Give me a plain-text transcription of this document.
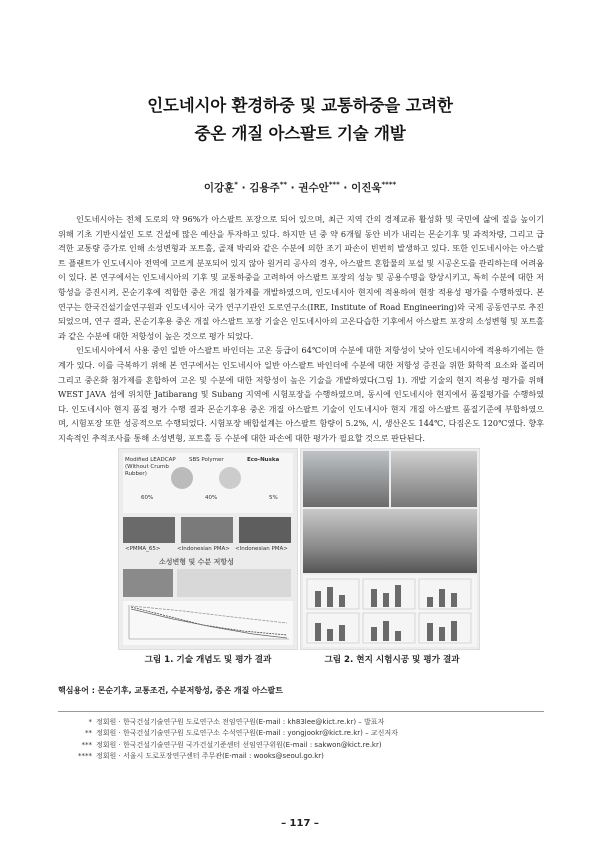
인도네시아 환경하중 및 교통하중을 고려한
중온 개질 아스팔트 기술 개발
이강훈* · 김용주** · 권수안*** · 이진욱****

인도네시아는 전체 도로의 약 96%가 아스팔트 포장으로 되어 있으며, 최근 지역 간의 경제교류 활성화 및 국민에 삶에 질을 높이기 위해 기초 기반시설인 도로 건설에 많은 예산을 투자하고 있다. 하지만 년 중 약 6개월 동안 비가 내리는 몬순기후 및 과적차량, 그리고 급격한 교통량 증가로 인해 소성변형과 포트홀, 골재 박리와 같은 수분에 의한 조기 파손이 빈번히 발생하고 있다. 또한 인도네시아는 아스팔트 플랜트가 인도네시아 전역에 고르게 분포되어 있지 않아 원거리 공사의 경우, 아스팔트 혼합물의 포설 및 시공온도를 관리하는데 어려움이 있다. 본 연구에서는 인도네시아의 기후 및 교통하중을 고려하여 아스팔트 포장의 성능 및 공용수명을 향상시키고, 특히 수분에 대한 저항성을 증진시켜, 몬순기후에 적합한 중온 개질 첨가제를 개발하였으며, 인도네시아 현지에 적용하여 현장 적용성 평가를 수행하였다. 본 연구는 한국건설기술연구원과 인도네시아 국가 연구기관인 도로연구소(IRE, Institute of Road Engineering)와 국제 공동연구로 추진되었으며, 연구 결과, 몬순기후용 중온 개질 아스팔트 포장 기술은 인도네시아의 고온다습한 기후에서 아스팔트 포장의 소성변형 및 포트홀과 같은 수분에 대한 저항성이 높은 것으로 평가 되었다.

인도네시아에서 사용 중인 일반 아스팔트 바인더는 고온 등급이 64℃이며 수분에 대한 저항성이 낮아 인도네시아에 적용하기에는 한계가 있다. 이를 극복하기 위해 본 연구에서는 인도네시아 일반 아스팔트 바인더에 수분에 대한 저항성 증진을 위한 화학적 요소와 폴리머 그리고 중온화 첨가제를 혼합하여 고온 및 수분에 대한 저항성이 높은 기술을 개발하였다(그림 1). 개발 기술의 현지 적용성 평가를 위해 WEST JAVA 섬에 위치한 Jatibarang 및 Subang 지역에 시험포장을 수행하였으며, 동시에 인도네시아 현지에서 품질평가를 수행하였다. 인도네시아 현지 품질 평가 수행 결과 몬순기후용 중온 개질 아스팔트 기술이 인도네시아 현지 개질 아스팔트 품질기준에 부합하였으며, 시험포장 또한 성공적으로 수행되었다. 시험포장 배합설계는 아스팔트 함량이 5.2%, 시, 생산온도 144℃, 다짐온도 120℃였다. 향후 지속적인 추적조사를 통해 소성변형, 포트홀 등 수분에 대한 파손에 대한 평가가 필요할 것으로 판단된다.

Modified LEADCAP (Without Crumb Rubber)
SBS Polymer	Eco-Nuska
60%	40%	5%
<PMMA_65>	<Indonesian PMA> <Indonesian PMA>
소성변형 및 수분 저항성
그림 1. 기술 개념도 및 평가 결과	그림 2. 현지 시험시공 및 평가 결과
핵심용어 : 몬순기후, 교통조건, 수분저항성, 중온 개질 아스팔트
* 정회원 · 한국건설기술연구원 도로연구소 전임연구원(E-mail : kh83lee@kict.re.kr) – 발표자
** 정회원 · 한국건설기술연구원 도로연구소 수석연구원(E-mail : yongjookr@kict.re.kr) – 교신저자
*** 정회원 · 한국건설기술연구원 국가건설기준센터 선임연구위원(E-mail : sakwon@kict.re.kr)
**** 정회원 · 서울시 도로포장연구센터 주무관(E-mail : wooks@seoul.go.kr)
– 117 –
